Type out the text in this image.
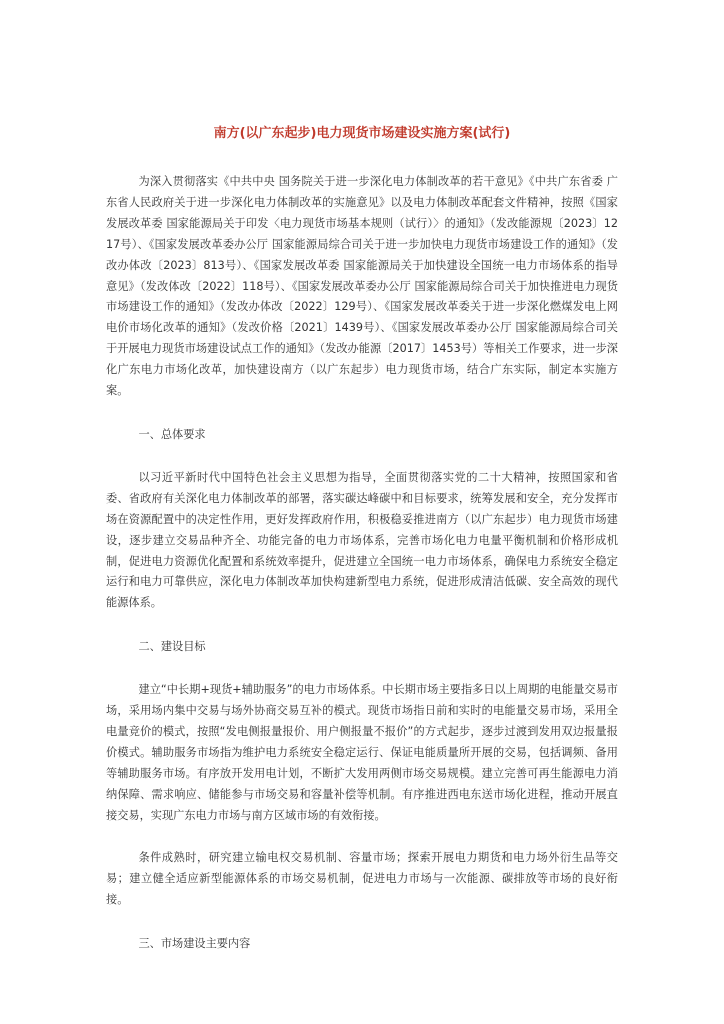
南方(以广东起步)电力现货市场建设实施方案(试行)

为深入贯彻落实《中共中央 国务院关于进一步深化电力体制改革的若干意见》《中共广东省委 广东省人民政府关于进一步深化电力体制改革的实施意见》以及电力体制改革配套文件精神，按照《国家发展改革委 国家能源局关于印发〈电力现货市场基本规则（试行）〉的通知》（发改能源规〔2023〕1217号）、《国家发展改革委办公厅 国家能源局综合司关于进一步加快电力现货市场建设工作的通知》（发改办体改〔2023〕813号）、《国家发展改革委 国家能源局关于加快建设全国统一电力市场体系的指导意见》（发改体改〔2022〕118号）、《国家发展改革委办公厅 国家能源局综合司关于加快推进电力现货市场建设工作的通知》（发改办体改〔2022〕129号）、《国家发展改革委关于进一步深化燃煤发电上网电价市场化改革的通知》（发改价格〔2021〕1439号）、《国家发展改革委办公厅 国家能源局综合司关于开展电力现货市场建设试点工作的通知》（发改办能源〔2017〕1453号）等相关工作要求，进一步深化广东电力市场化改革，加快建设南方（以广东起步）电力现货市场，结合广东实际，制定本实施方案。

一、总体要求

以习近平新时代中国特色社会主义思想为指导，全面贯彻落实党的二十大精神，按照国家和省委、省政府有关深化电力体制改革的部署，落实碳达峰碳中和目标要求，统筹发展和安全，充分发挥市场在资源配置中的决定性作用，更好发挥政府作用，积极稳妥推进南方（以广东起步）电力现货市场建设，逐步建立交易品种齐全、功能完备的电力市场体系，完善市场化电力电量平衡机制和价格形成机制，促进电力资源优化配置和系统效率提升，促进建立全国统一电力市场体系，确保电力系统安全稳定运行和电力可靠供应，深化电力体制改革加快构建新型电力系统，促进形成清洁低碳、安全高效的现代能源体系。

二、建设目标

建立“中长期+现货+辅助服务”的电力市场体系。中长期市场主要指多日以上周期的电能量交易市场，采用场内集中交易与场外协商交易互补的模式。现货市场指日前和实时的电能量交易市场，采用全电量竞价的模式，按照“发电侧报量报价、用户侧报量不报价”的方式起步，逐步过渡到发用双边报量报价模式。辅助服务市场指为维护电力系统安全稳定运行、保证电能质量所开展的交易，包括调频、备用等辅助服务市场。有序放开发用电计划，不断扩大发用两侧市场交易规模。建立完善可再生能源电力消纳保障、需求响应、储能参与市场交易和容量补偿等机制。有序推进西电东送市场化进程，推动开展直接交易，实现广东电力市场与南方区域市场的有效衔接。

条件成熟时，研究建立输电权交易机制、容量市场；探索开展电力期货和电力场外衍生品等交易；建立健全适应新型能源体系的市场交易机制，促进电力市场与一次能源、碳排放等市场的良好衔接。

三、市场建设主要内容
